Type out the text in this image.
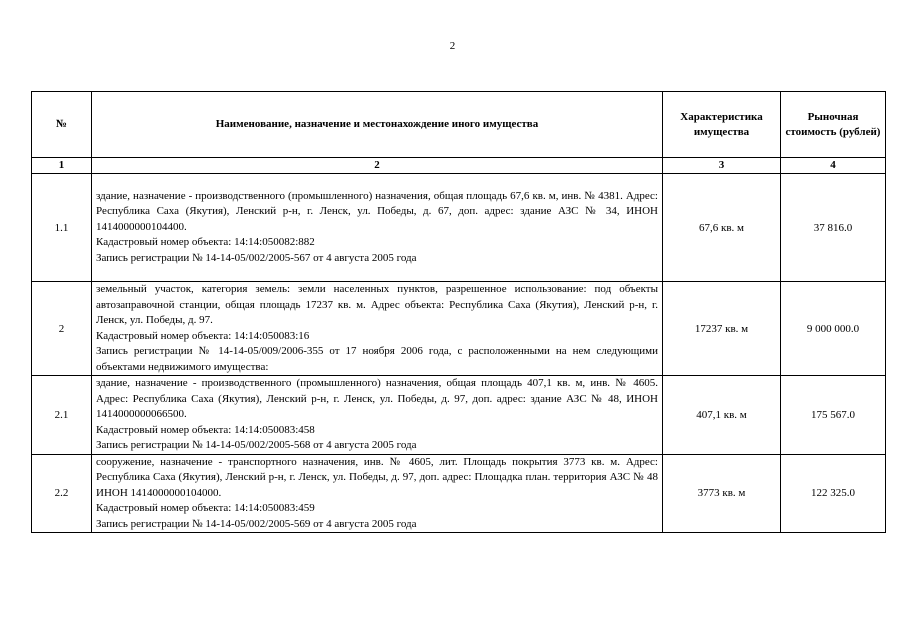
2
№	Наименование, назначение и местонахождение иного имущества	Характеристика имущества	Рыночная стоимость (рублей)
1	2	3	4
1.1	здание, назначение - производственного (промышленного) назначения, общая площадь 67,6 кв. м, инв. № 4381. Адрес: Республика Саха (Якутия), Ленский р-н, г. Ленск, ул. Победы, д. 67, доп. адрес: здание АЗС № 34, ИНОН 1414000000104400.
Кадастровый номер объекта: 14:14:050082:882
Запись регистрации № 14-14-05/002/2005-567 от 4 августа 2005 года	67,6 кв. м	37 816.0
2	земельный участок, категория земель: земли населенных пунктов, разрешенное использование: под объекты автозаправочной станции, общая площадь 17237 кв. м. Адрес объекта: Республика Саха (Якутия), Ленский р-н, г. Ленск, ул. Победы, д. 97.
Кадастровый номер объекта: 14:14:050083:16
Запись регистрации № 14-14-05/009/2006-355 от 17 ноября 2006 года, с расположенными на нем следующими объектами недвижимого имущества:	17237 кв. м	9 000 000.0
2.1	здание, назначение - производственного (промышленного) назначения, общая площадь 407,1 кв. м, инв. № 4605. Адрес: Республика Саха (Якутия), Ленский р-н, г. Ленск, ул. Победы, д. 97, доп. адрес: здание АЗС № 48, ИНОН 1414000000066500.
Кадастровый номер объекта: 14:14:050083:458
Запись регистрации № 14-14-05/002/2005-568 от 4 августа 2005 года	407,1 кв. м	175 567.0
2.2	сооружение, назначение - транспортного назначения, инв. № 4605, лит. Площадь покрытия 3773 кв. м. Адрес: Республика Саха (Якутия), Ленский р-н, г. Ленск, ул. Победы, д. 97, доп. адрес: Площадка план. территория АЗС № 48 ИНОН 1414000000104000.
Кадастровый номер объекта: 14:14:050083:459
Запись регистрации № 14-14-05/002/2005-569 от 4 августа 2005 года	3773 кв. м	122 325.0
